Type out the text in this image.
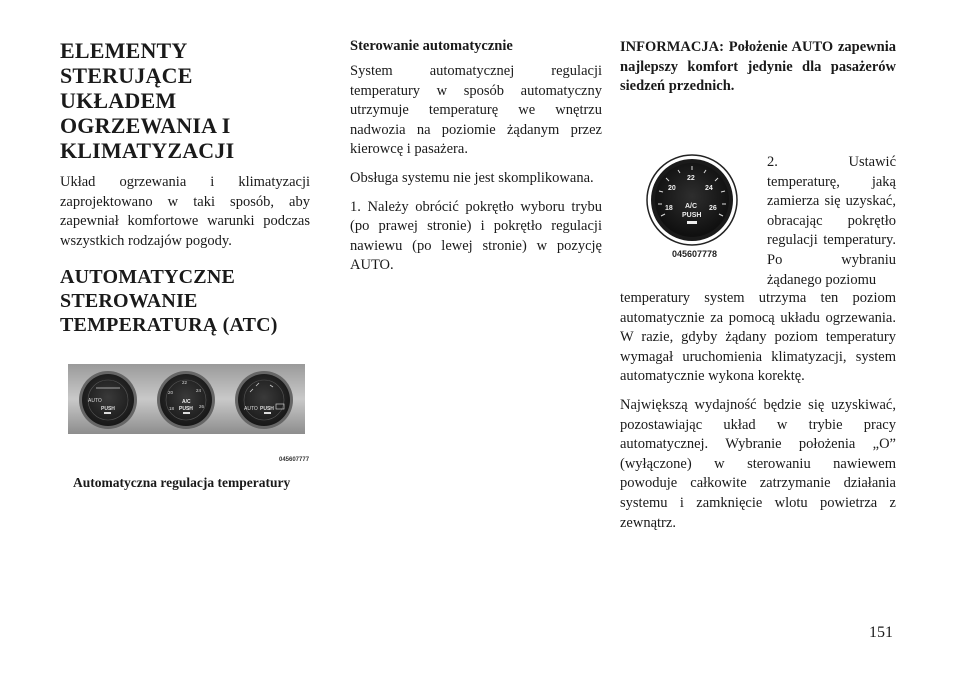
ELEMENTY STERUJĄCE UKŁADEM OGRZEWANIA I KLIMATYZACJI

Układ ogrzewania i klimatyzacji zaprojektowano w taki sposób, aby zapewniał komfortowe warunki podczas wszystkich rodzajów pogody.

AUTOMATYCZNE STEROWANIE TEMPERATURĄ (ATC)
AUTO
PUSH	18
20
22
24
26
A/C
PUSH	AUTO PUSH
045607777
Automatyczna regulacja temperatury
Sterowanie automatycznie

System automatycznej regulacji temperatury w sposób automatyczny utrzymuje temperaturę we wnętrzu nadwozia na poziomie żądanym przez kierowcę i pasażera.

Obsługa systemu nie jest skomplikowana.

1. Należy obrócić pokrętło wyboru trybu (po prawej stronie) i pokrętło regulacji nawiewu (po lewej stronie) w pozycję AUTO.

INFORMACJA: Położenie AUTO zapewnia najlepszy komfort jedynie dla pasażerów siedzeń przednich.
18
20
22
24
26
A/C
PUSH
045607778

2. Ustawić temperaturę, jaką zamierza się uzyskać, obracając pokrętło regulacji temperatury. Po wybraniu żądanego poziomu

temperatury system utrzyma ten poziom automatycznie za pomocą układu ogrzewania. W razie, gdyby żądany poziom temperatury wymagał uruchomienia klimatyzacji, system automatycznie wykona korektę.

Największą wydajność będzie się uzyskiwać, pozostawiając układ w trybie pracy automatycznej. Wybranie położenia „O” (wyłączone) w sterowaniu nawiewem powoduje całkowite zatrzymanie działania systemu i zamknięcie wlotu powietrza z zewnątrz.

151
